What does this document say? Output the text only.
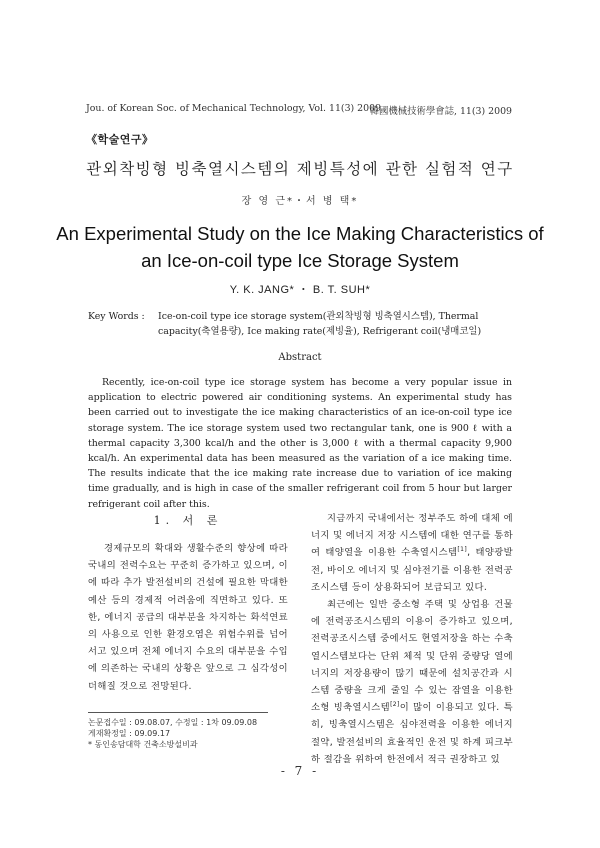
Jou. of Korean Soc. of Mechanical Technology, Vol. 11(3) 2009
韓國機械技術學會誌, 11(3) 2009
《학술연구》
관외착빙형 빙축열시스템의 제빙특성에 관한 실험적 연구
장 영 근*・서 병 택*
An Experimental Study on the Ice Making Characteristics of
an Ice-on-coil type Ice Storage System
Y. K. JANG* ・ B. T. SUH*
Key Words : Ice-on-coil type ice storage system(관외착빙형 빙축열시스템), Thermal capacity(축열용량), Ice making rate(제빙율), Refrigerant coil(냉매코일)
Abstract
Recently, ice-on-coil type ice storage system has become a very popular issue in application to electric powered air conditioning systems. An experimental study has been carried out to investigate the ice making characteristics of an ice-on-coil type ice storage system. The ice storage system used two rectangular tank, one is 900 ℓ with a thermal capacity 3,300 kcal/h and the other is 3,000 ℓ with a thermal capacity 9,900 kcal/h. An experimental data has been measured as the variation of a ice making time. The results indicate that the ice making rate increase due to variation of ice making time gradually, and is high in case of the smaller refrigerant coil from 5 hour but larger refrigerant coil after this.
1. 서 론

경제규모의 확대와 생활수준의 향상에 따라 국내의 전력수요는 꾸준히 증가하고 있으며, 이에 따라 추가 발전설비의 건설에 필요한 막대한 예산 등의 경제적 어려움에 직면하고 있다. 또한, 에너지 공급의 대부분을 차지하는 화석연료의 사용으로 인한 환경오염은 위험수위를 넘어서고 있으며 전체 에너지 수요의 대부분을 수입에 의존하는 국내의 상황은 앞으로 그 심각성이 더해질 것으로 전망된다.

지금까지 국내에서는 정부주도 하에 대체 에너지 및 에너지 저장 시스템에 대한 연구를 통하여 태양열을 이용한 수축열시스템[1], 태양광발전, 바이오 에너지 및 심야전기를 이용한 전력공조시스템 등이 상용화되어 보급되고 있다.

최근에는 일반 중소형 주택 및 상업용 건물에 전력공조시스템의 이용이 증가하고 있으며, 전력공조시스템 중에서도 현열저장을 하는 수축열시스템보다는 단위 체적 및 단위 중량당 열에너지의 저장용량이 많기 때문에 설치공간과 시스템 중량을 크게 줄일 수 있는 잠열을 이용한 소형 빙축열시스템[2]이 많이 이용되고 있다. 특히, 빙축열시스템은 심야전력을 이용한 에너지 절약, 발전설비의 효율적인 운전 및 하계 피크부하 절감을 위하여 한전에서 적극 권장하고 있

논문접수일 : 09.08.07, 수정일 : 1차 09.09.08
게재확정일 : 09.09.17
* 동인송담대학 건축소방설비과
- 7 -
